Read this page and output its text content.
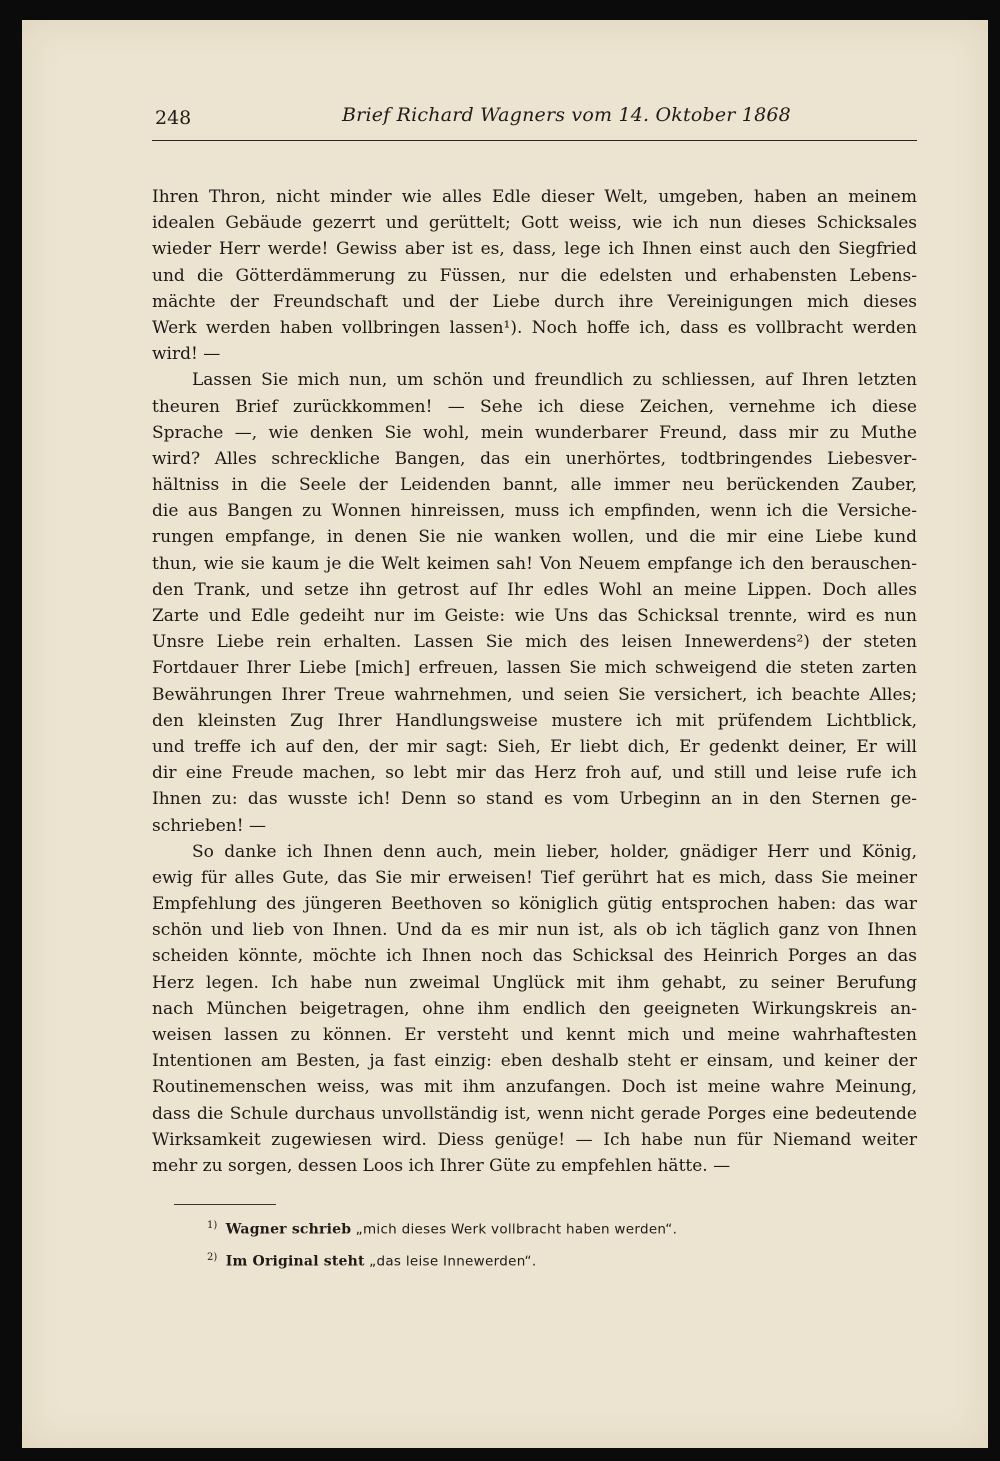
248	Brief Richard Wagners vom 14. Oktober 1868
Ihren Thron, nicht minder wie alles Edle dieser Welt, umgeben, haben an meinem
idealen Gebäude gezerrt und gerüttelt; Gott weiss, wie ich nun dieses Schicksales
wieder Herr werde! Gewiss aber ist es, dass, lege ich Ihnen einst auch den Siegfried
und die Götterdämmerung zu Füssen, nur die edelsten und erhabensten Lebens-
mächte der Freundschaft und der Liebe durch ihre Vereinigungen mich dieses
Werk werden haben vollbringen lassen¹). Noch hoffe ich, dass es vollbracht werden
wird! —
Lassen Sie mich nun, um schön und freundlich zu schliessen, auf Ihren letzten
theuren Brief zurückkommen! — Sehe ich diese Zeichen, vernehme ich diese
Sprache —, wie denken Sie wohl, mein wunderbarer Freund, dass mir zu Muthe
wird? Alles schreckliche Bangen, das ein unerhörtes, todtbringendes Liebesver-
hältniss in die Seele der Leidenden bannt, alle immer neu berückenden Zauber,
die aus Bangen zu Wonnen hinreissen, muss ich empfinden, wenn ich die Versiche-
rungen empfange, in denen Sie nie wanken wollen, und die mir eine Liebe kund
thun, wie sie kaum je die Welt keimen sah! Von Neuem empfange ich den berauschen-
den Trank, und setze ihn getrost auf Ihr edles Wohl an meine Lippen. Doch alles
Zarte und Edle gedeiht nur im Geiste: wie Uns das Schicksal trennte, wird es nun
Unsre Liebe rein erhalten. Lassen Sie mich des leisen Innewerdens²) der steten
Fortdauer Ihrer Liebe [mich] erfreuen, lassen Sie mich schweigend die steten zarten
Bewährungen Ihrer Treue wahrnehmen, und seien Sie versichert, ich beachte Alles;
den kleinsten Zug Ihrer Handlungsweise mustere ich mit prüfendem Lichtblick,
und treffe ich auf den, der mir sagt: Sieh, Er liebt dich, Er gedenkt deiner, Er will
dir eine Freude machen, so lebt mir das Herz froh auf, und still und leise rufe ich
Ihnen zu: das wusste ich! Denn so stand es vom Urbeginn an in den Sternen ge-
schrieben! —
So danke ich Ihnen denn auch, mein lieber, holder, gnädiger Herr und König,
ewig für alles Gute, das Sie mir erweisen! Tief gerührt hat es mich, dass Sie meiner
Empfehlung des jüngeren Beethoven so königlich gütig entsprochen haben: das war
schön und lieb von Ihnen. Und da es mir nun ist, als ob ich täglich ganz von Ihnen
scheiden könnte, möchte ich Ihnen noch das Schicksal des Heinrich Porges an das
Herz legen. Ich habe nun zweimal Unglück mit ihm gehabt, zu seiner Berufung
nach München beigetragen, ohne ihm endlich den geeigneten Wirkungskreis an-
weisen lassen zu können. Er versteht und kennt mich und meine wahrhaftesten
Intentionen am Besten, ja fast einzig: eben deshalb steht er einsam, und keiner der
Routinemenschen weiss, was mit ihm anzufangen. Doch ist meine wahre Meinung,
dass die Schule durchaus unvollständig ist, wenn nicht gerade Porges eine bedeutende
Wirksamkeit zugewiesen wird. Diess genüge! — Ich habe nun für Niemand weiter
mehr zu sorgen, dessen Loos ich Ihrer Güte zu empfehlen hätte. —
$^{1)}$ Wagner schrieb „mich dieses Werk vollbracht haben werden“.
$^{2)}$ Im Original steht „das leise Innewerden“.
